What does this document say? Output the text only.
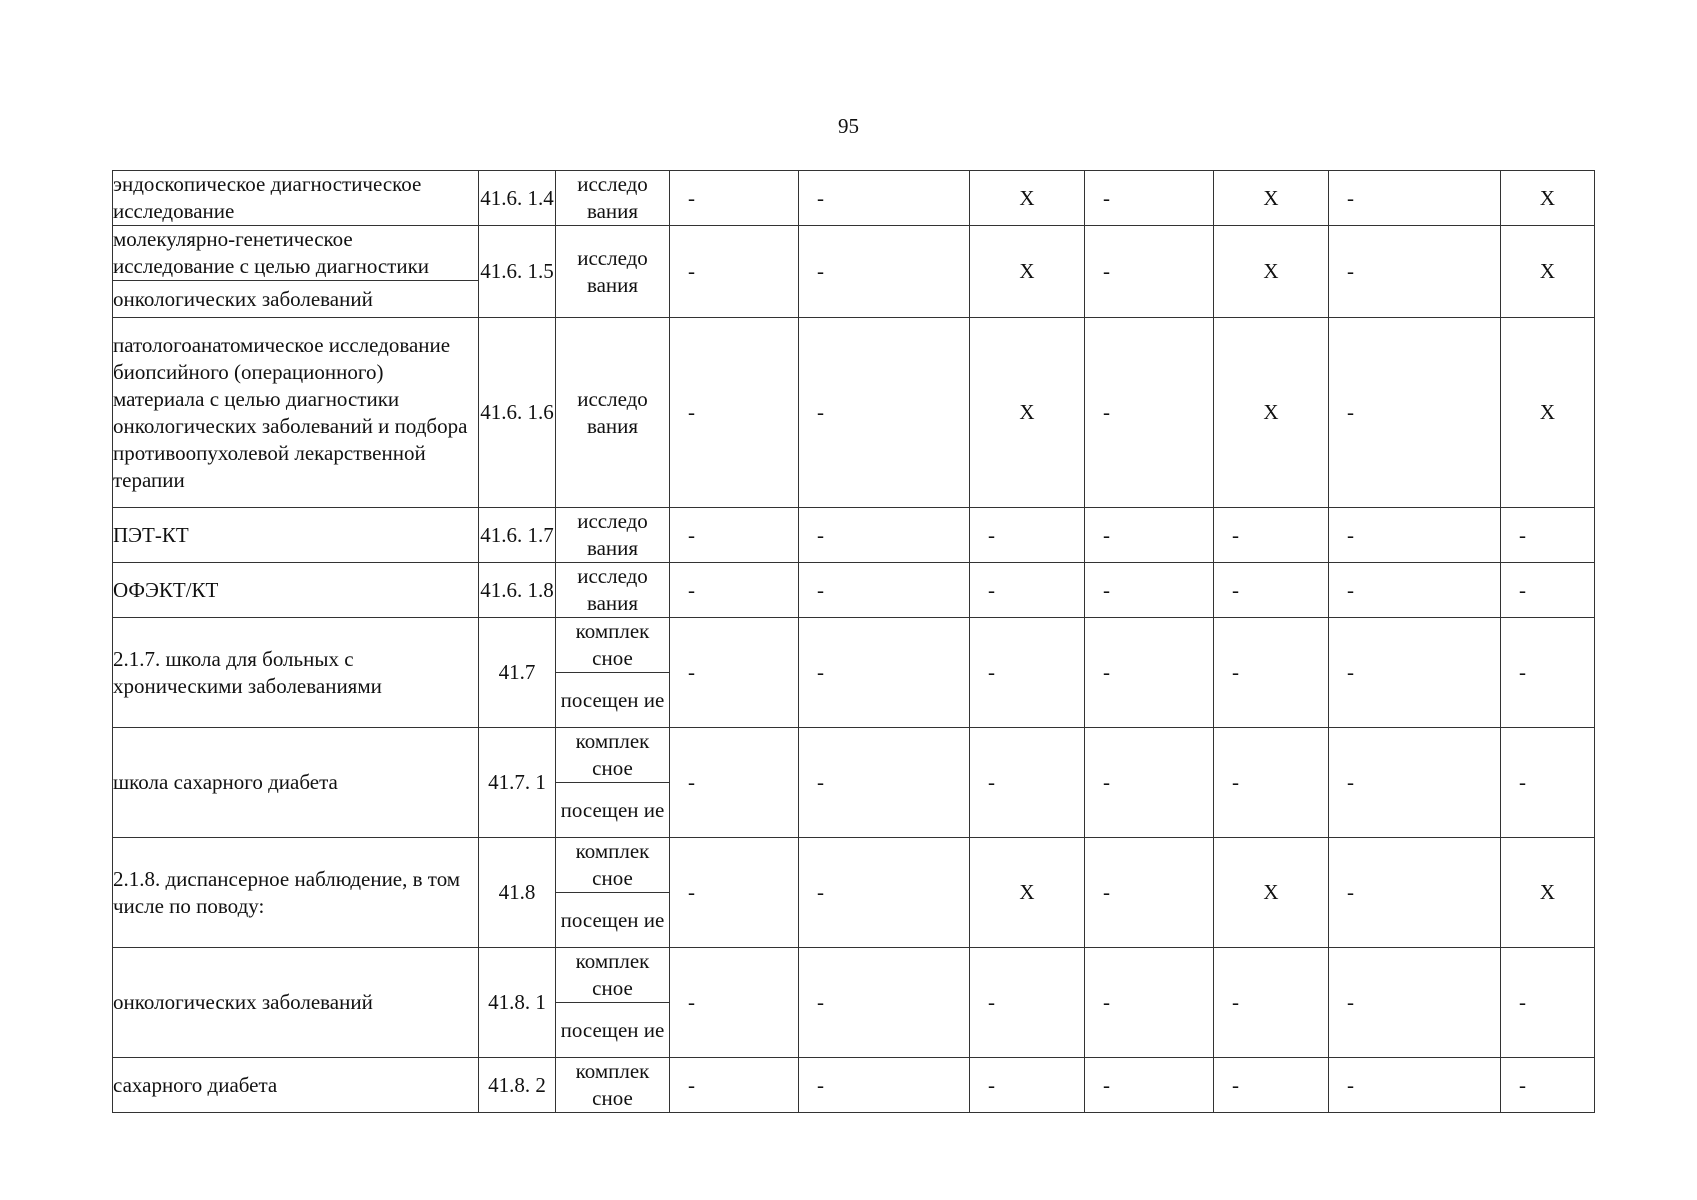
95
эндоскопическое диагностическое исследование	41.6. 1.4	исследо вания	-	-	Х	-	Х	-	Х
молекулярно-генетическое исследование с целью диагностики	41.6. 1.5	исследо вания	-	-	Х	-	Х	-	Х
онкологических заболеваний									
патологоанатомическое исследование биопсийного (операционного) материала с целью диагностики онкологических заболеваний и подбора противоопухолевой лекарственной терапии	41.6. 1.6	исследо вания	-	-	Х	-	Х	-	Х
ПЭТ-КТ	41.6. 1.7	исследо вания	-	-	-	-	-	-	-

ОФЭКТ/КТ	41.6. 1.8	исследо вания	-	-	-	-	-	-	-

2.1.7. школа для больных с хроническими заболеваниями	41.7	комплек сное	-	-	-	-	-	-	-

		посещен ие							
школа сахарного диабета	41.7. 1	комплек сное	-	-	-	-	-	-	-

		посещен ие							
2.1.8. диспансерное наблюдение, в том числе по поводу:	41.8	комплек сное	-	-	Х	-	Х	-	Х
		посещен ие							
онкологических заболеваний	41.8. 1	комплек сное	-	-	-	-	-	-	-

		посещен ие							
сахарного диабета	41.8. 2	комплек сное	-	-	-	-	-	-	-
